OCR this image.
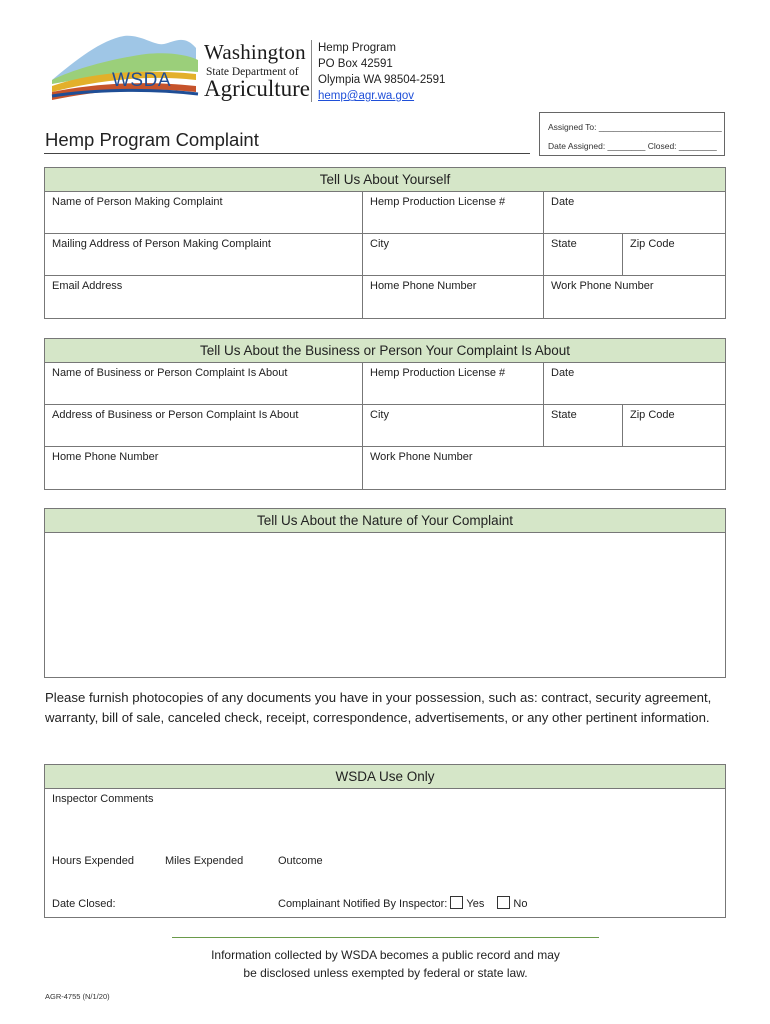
WSDA
Washington
State Department of
Agriculture
Hemp Program
PO Box 42591
Olympia WA 98504-2591
hemp@agr.wa.gov
Hemp Program Complaint
Assigned To: __________________________
Date Assigned: ________ Closed: ________
Tell Us About Yourself
Name of Person Making Complaint	Hemp Production License #	Date
Mailing Address of Person Making Complaint	City	State	Zip Code
Email Address	Home Phone Number	Work Phone Number
Tell Us About the Business or Person Your Complaint Is About
Name of Business or Person Complaint Is About	Hemp Production License #	Date
Address of Business or Person Complaint Is About	City	State	Zip Code
Home Phone Number	Work Phone Number
Tell Us About the Nature of Your Complaint
Please furnish photocopies of any documents you have in your possession, such as: contract, security agreement, warranty, bill of sale, canceled check, receipt, correspondence, advertisements, or any other pertinent information.
WSDA Use Only
Inspector Comments
Hours Expended	Miles Expended	Outcome
Date Closed:	Complainant Notified By Inspector: Yes	No
Information collected by WSDA becomes a public record and may
be disclosed unless exempted by federal or state law.
AGR-4755 (N/1/20)
